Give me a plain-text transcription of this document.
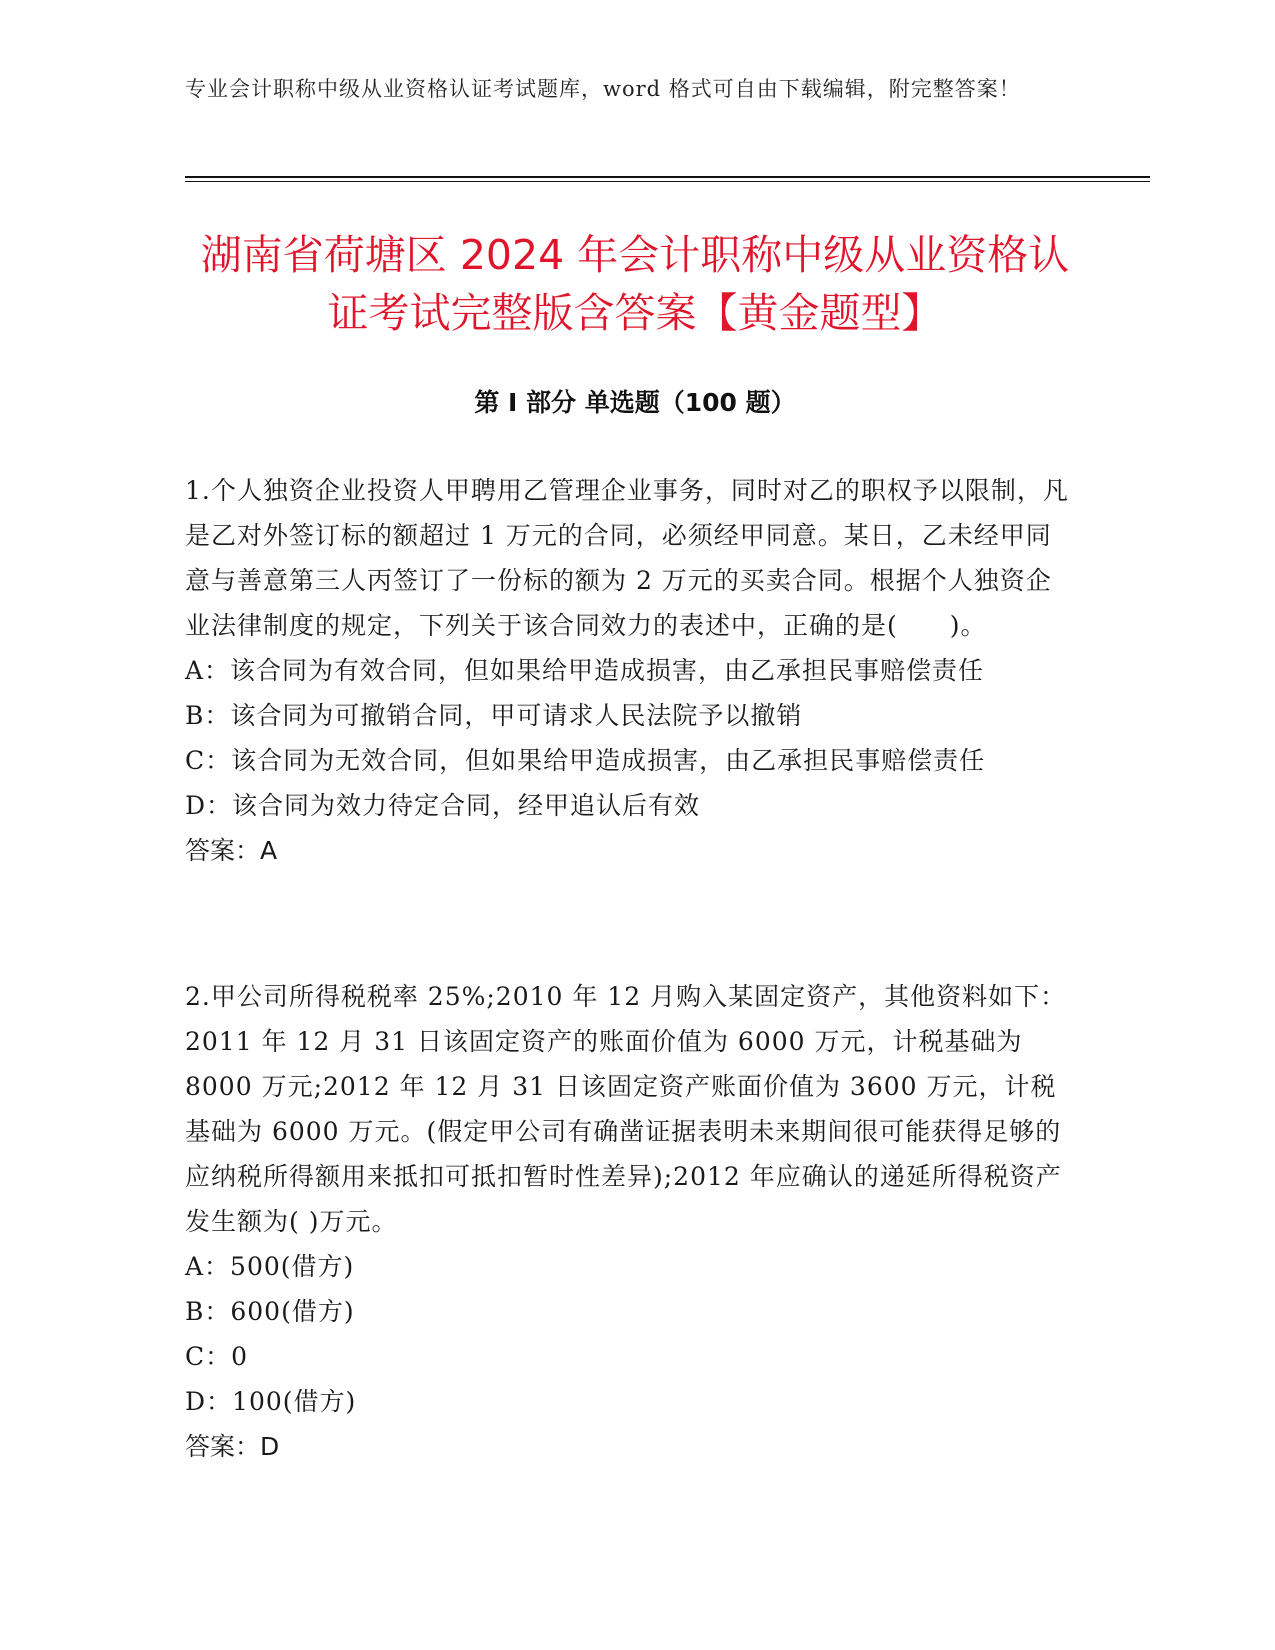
专业会计职称中级从业资格认证考试题库，word 格式可自由下载编辑，附完整答案！
湖南省荷塘区 2024 年会计职称中级从业资格认证考试完整版含答案【黄金题型】
第 I 部分 单选题（100 题）

1.个人独资企业投资人甲聘用乙管理企业事务，同时对乙的职权予以限制，凡是乙对外签订标的额超过 1 万元的合同，必须经甲同意。某日，乙未经甲同意与善意第三人丙签订了一份标的额为 2 万元的买卖合同。根据个人独资企业法律制度的规定，下列关于该合同效力的表述中，正确的是(　　)。

A：该合同为有效合同，但如果给甲造成损害，由乙承担民事赔偿责任

B：该合同为可撤销合同，甲可请求人民法院予以撤销

C：该合同为无效合同，但如果给甲造成损害，由乙承担民事赔偿责任

D：该合同为效力待定合同，经甲追认后有效

答案：A

2.甲公司所得税税率 25%;2010 年 12 月购入某固定资产，其他资料如下：2011 年 12 月 31 日该固定资产的账面价值为 6000 万元，计税基础为 8000 万元;2012 年 12 月 31 日该固定资产账面价值为 3600 万元，计税基础为 6000 万元。(假定甲公司有确凿证据表明未来期间很可能获得足够的应纳税所得额用来抵扣可抵扣暂时性差异);2012 年应确认的递延所得税资产发生额为( )万元。

A：500(借方)

B：600(借方)

C：0

D：100(借方)

答案：D
